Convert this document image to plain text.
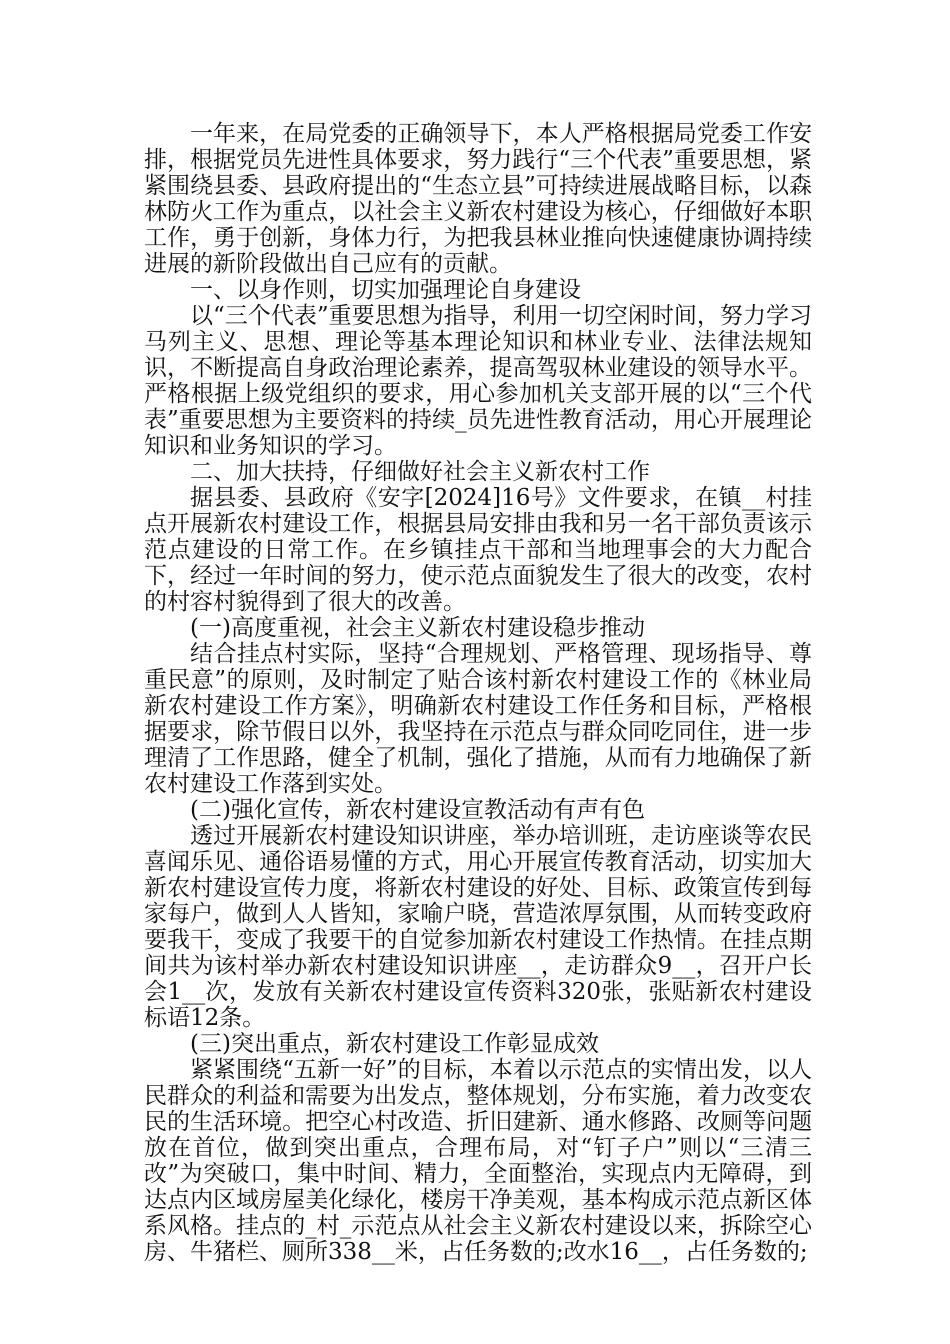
一年来，在局党委的正确领导下，本人严格根据局党委工作安排，根据党员先进性具体要求，努力践行“三个代表”重要思想，紧紧围绕县委、县政府提出的“生态立县”可持续进展战略目标，以森林防火工作为重点，以社会主义新农村建设为核心，仔细做好本职工作，勇于创新，身体力行，为把我县林业推向快速健康协调持续进展的新阶段做出自己应有的贡献。

一、以身作则，切实加强理论自身建设

以“三个代表”重要思想为指导，利用一切空闲时间，努力学习马列主义、思想、理论等基本理论知识和林业专业、法律法规知识，不断提高自身政治理论素养，提高驾驭林业建设的领导水平。严格根据上级党组织的要求，用心参加机关支部开展的以“三个代表”重要思想为主要资料的持续_员先进性教育活动，用心开展理论知识和业务知识的学习。

二、加大扶持，仔细做好社会主义新农村工作

据县委、县政府《安字[2024]16号》文件要求，在镇__村挂点开展新农村建设工作，根据县局安排由我和另一名干部负责该示范点建设的日常工作。在乡镇挂点干部和当地理事会的大力配合下，经过一年时间的努力，使示范点面貌发生了很大的改变，农村的村容村貌得到了很大的改善。

(一)高度重视，社会主义新农村建设稳步推动

结合挂点村实际，坚持“合理规划、严格管理、现场指导、尊重民意”的原则，及时制定了贴合该村新农村建设工作的《林业局新农村建设工作方案》，明确新农村建设工作任务和目标，严格根据要求，除节假日以外，我坚持在示范点与群众同吃同住，进一步理清了工作思路，健全了机制，强化了措施，从而有力地确保了新农村建设工作落到实处。

(二)强化宣传，新农村建设宣教活动有声有色

透过开展新农村建设知识讲座，举办培训班，走访座谈等农民喜闻乐见、通俗语易懂的方式，用心开展宣传教育活动，切实加大新农村建设宣传力度，将新农村建设的好处、目标、政策宣传到每家每户，做到人人皆知，家喻户晓，营造浓厚氛围，从而转变政府要我干，变成了我要干的自觉参加新农村建设工作热情。在挂点期间共为该村举办新农村建设知识讲座__，走访群众9__，召开户长会1__次，发放有关新农村建设宣传资料320张，张贴新农村建设标语12条。

(三)突出重点，新农村建设工作彰显成效

紧紧围绕“五新一好”的目标，本着以示范点的实情出发，以人民群众的利益和需要为出发点，整体规划，分布实施，着力改变农民的生活环境。把空心村改造、折旧建新、通水修路、改厕等问题放在首位，做到突出重点，合理布局，对“钉子户”则以“三清三改”为突破口，集中时间、精力，全面整治，实现点内无障碍，到达点内区域房屋美化绿化，楼房干净美观，基本构成示范点新区体系风格。挂点的_村_示范点从社会主义新农村建设以来，拆除空心房、牛猪栏、厕所338__米，占任务数的;改水16__，占任务数的;
